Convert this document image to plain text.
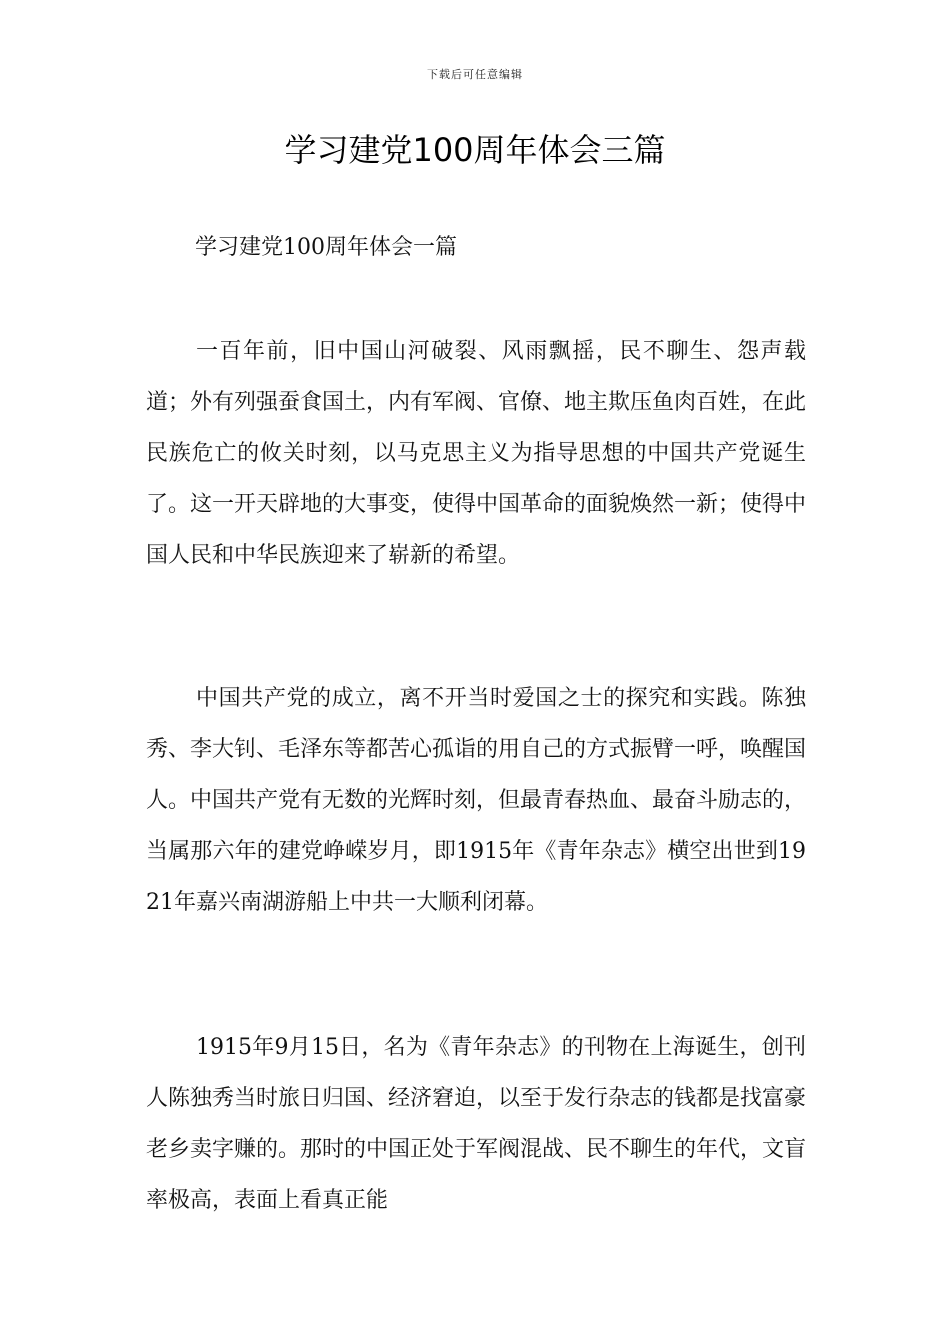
下载后可任意编辑
学习建党100周年体会三篇
学习建党100周年体会一篇

一百年前，旧中国山河破裂、风雨飘摇，民不聊生、怨声载道；外有列强蚕食国土，内有军阀、官僚、地主欺压鱼肉百姓，在此民族危亡的攸关时刻，以马克思主义为指导思想的中国共产党诞生了。这一开天辟地的大事变，使得中国革命的面貌焕然一新；使得中国人民和中华民族迎来了崭新的希望。

中国共产党的成立，离不开当时爱国之士的探究和实践。陈独秀、李大钊、毛泽东等都苦心孤诣的用自己的方式振臂一呼，唤醒国人。中国共产党有无数的光辉时刻，但最青春热血、最奋斗励志的，当属那六年的建党峥嵘岁月，即1915年《青年杂志》横空出世到1921年嘉兴南湖游船上中共一大顺利闭幕。

1915年9月15日，名为《青年杂志》的刊物在上海诞生，创刊人陈独秀当时旅日归国、经济窘迫，以至于发行杂志的钱都是找富豪老乡卖字赚的。那时的中国正处于军阀混战、民不聊生的年代，文盲率极高，表面上看真正能
